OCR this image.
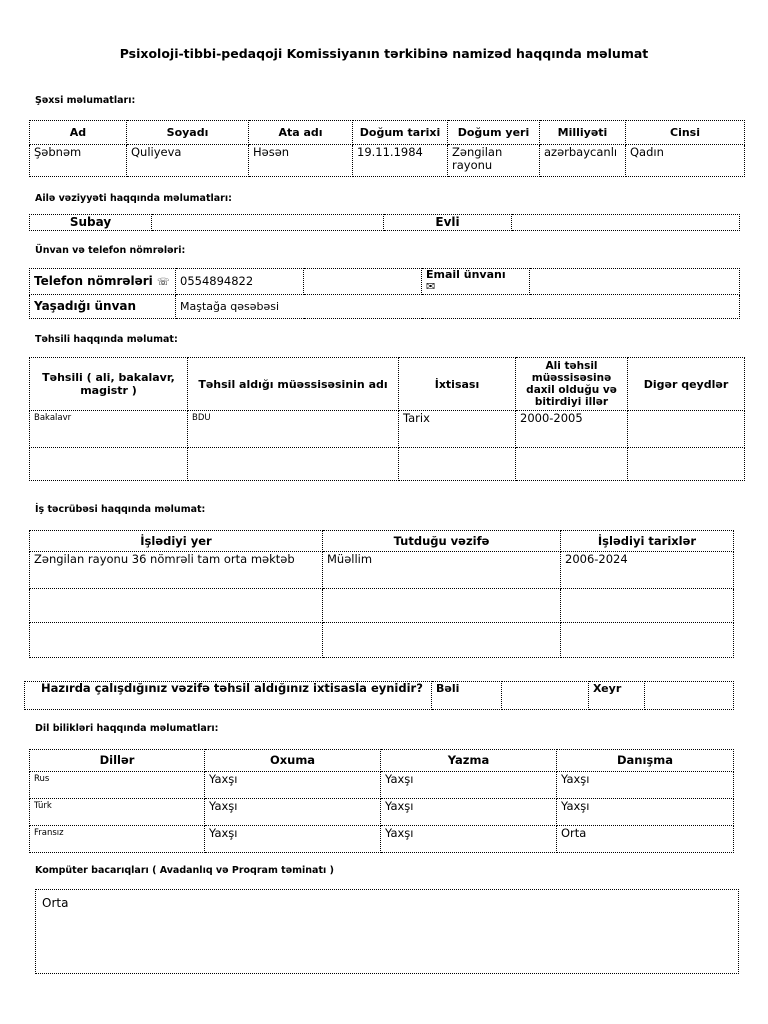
Psixoloji-tibbi-pedaqoji Komissiyanın tərkibinə namizəd haqqında məlumat
Şəxsi məlumatları:
Ad	Soyadı	Ata adı	Doğum tarixi	Doğum yeri	Milliyəti	Cinsi
Şəbnəm	Quliyeva	Həsən	19.11.1984	Zəngilan rayonu	azərbaycanlı	Qadın
Ailə vəziyyəti haqqında məlumatları:
Subay		Evli	
Ünvan və telefon nömrələri:
Telefon nömrələri ☏	0554894822		Email ünvanı
✉	
Yaşadığı ünvan	Maştağa qəsəbəsi			
Təhsili haqqında məlumat:
Təhsili ( ali, bakalavr, magistr )	Təhsil aldığı müəssisəsinin adı	İxtisası	Ali təhsil müəssisəsinə daxil olduğu və bitirdiyi illər	Digər qeydlər
Bakalavr	BDU	Tarix	2000-2005	

İş təcrübəsi haqqında məlumat:
İşlədiyi yer	Tutduğu vəzifə	İşlədiyi tarixlər
Zəngilan rayonu 36 nömrəli tam orta məktəb	Müəllim	2006-2024

Hazırda çalışdığınız vəzifə təhsil aldığınız ixtisasla eynidir?	Bəli		Xeyr	
Dil bilikləri haqqında məlumatları:
Dillər	Oxuma	Yazma	Danışma
Rus	Yaxşı	Yaxşı	Yaxşı
Türk	Yaxşı	Yaxşı	Yaxşı
Fransız	Yaxşı	Yaxşı	Orta
Kompüter bacarıqları ( Avadanlıq və Proqram təminatı )
Orta
